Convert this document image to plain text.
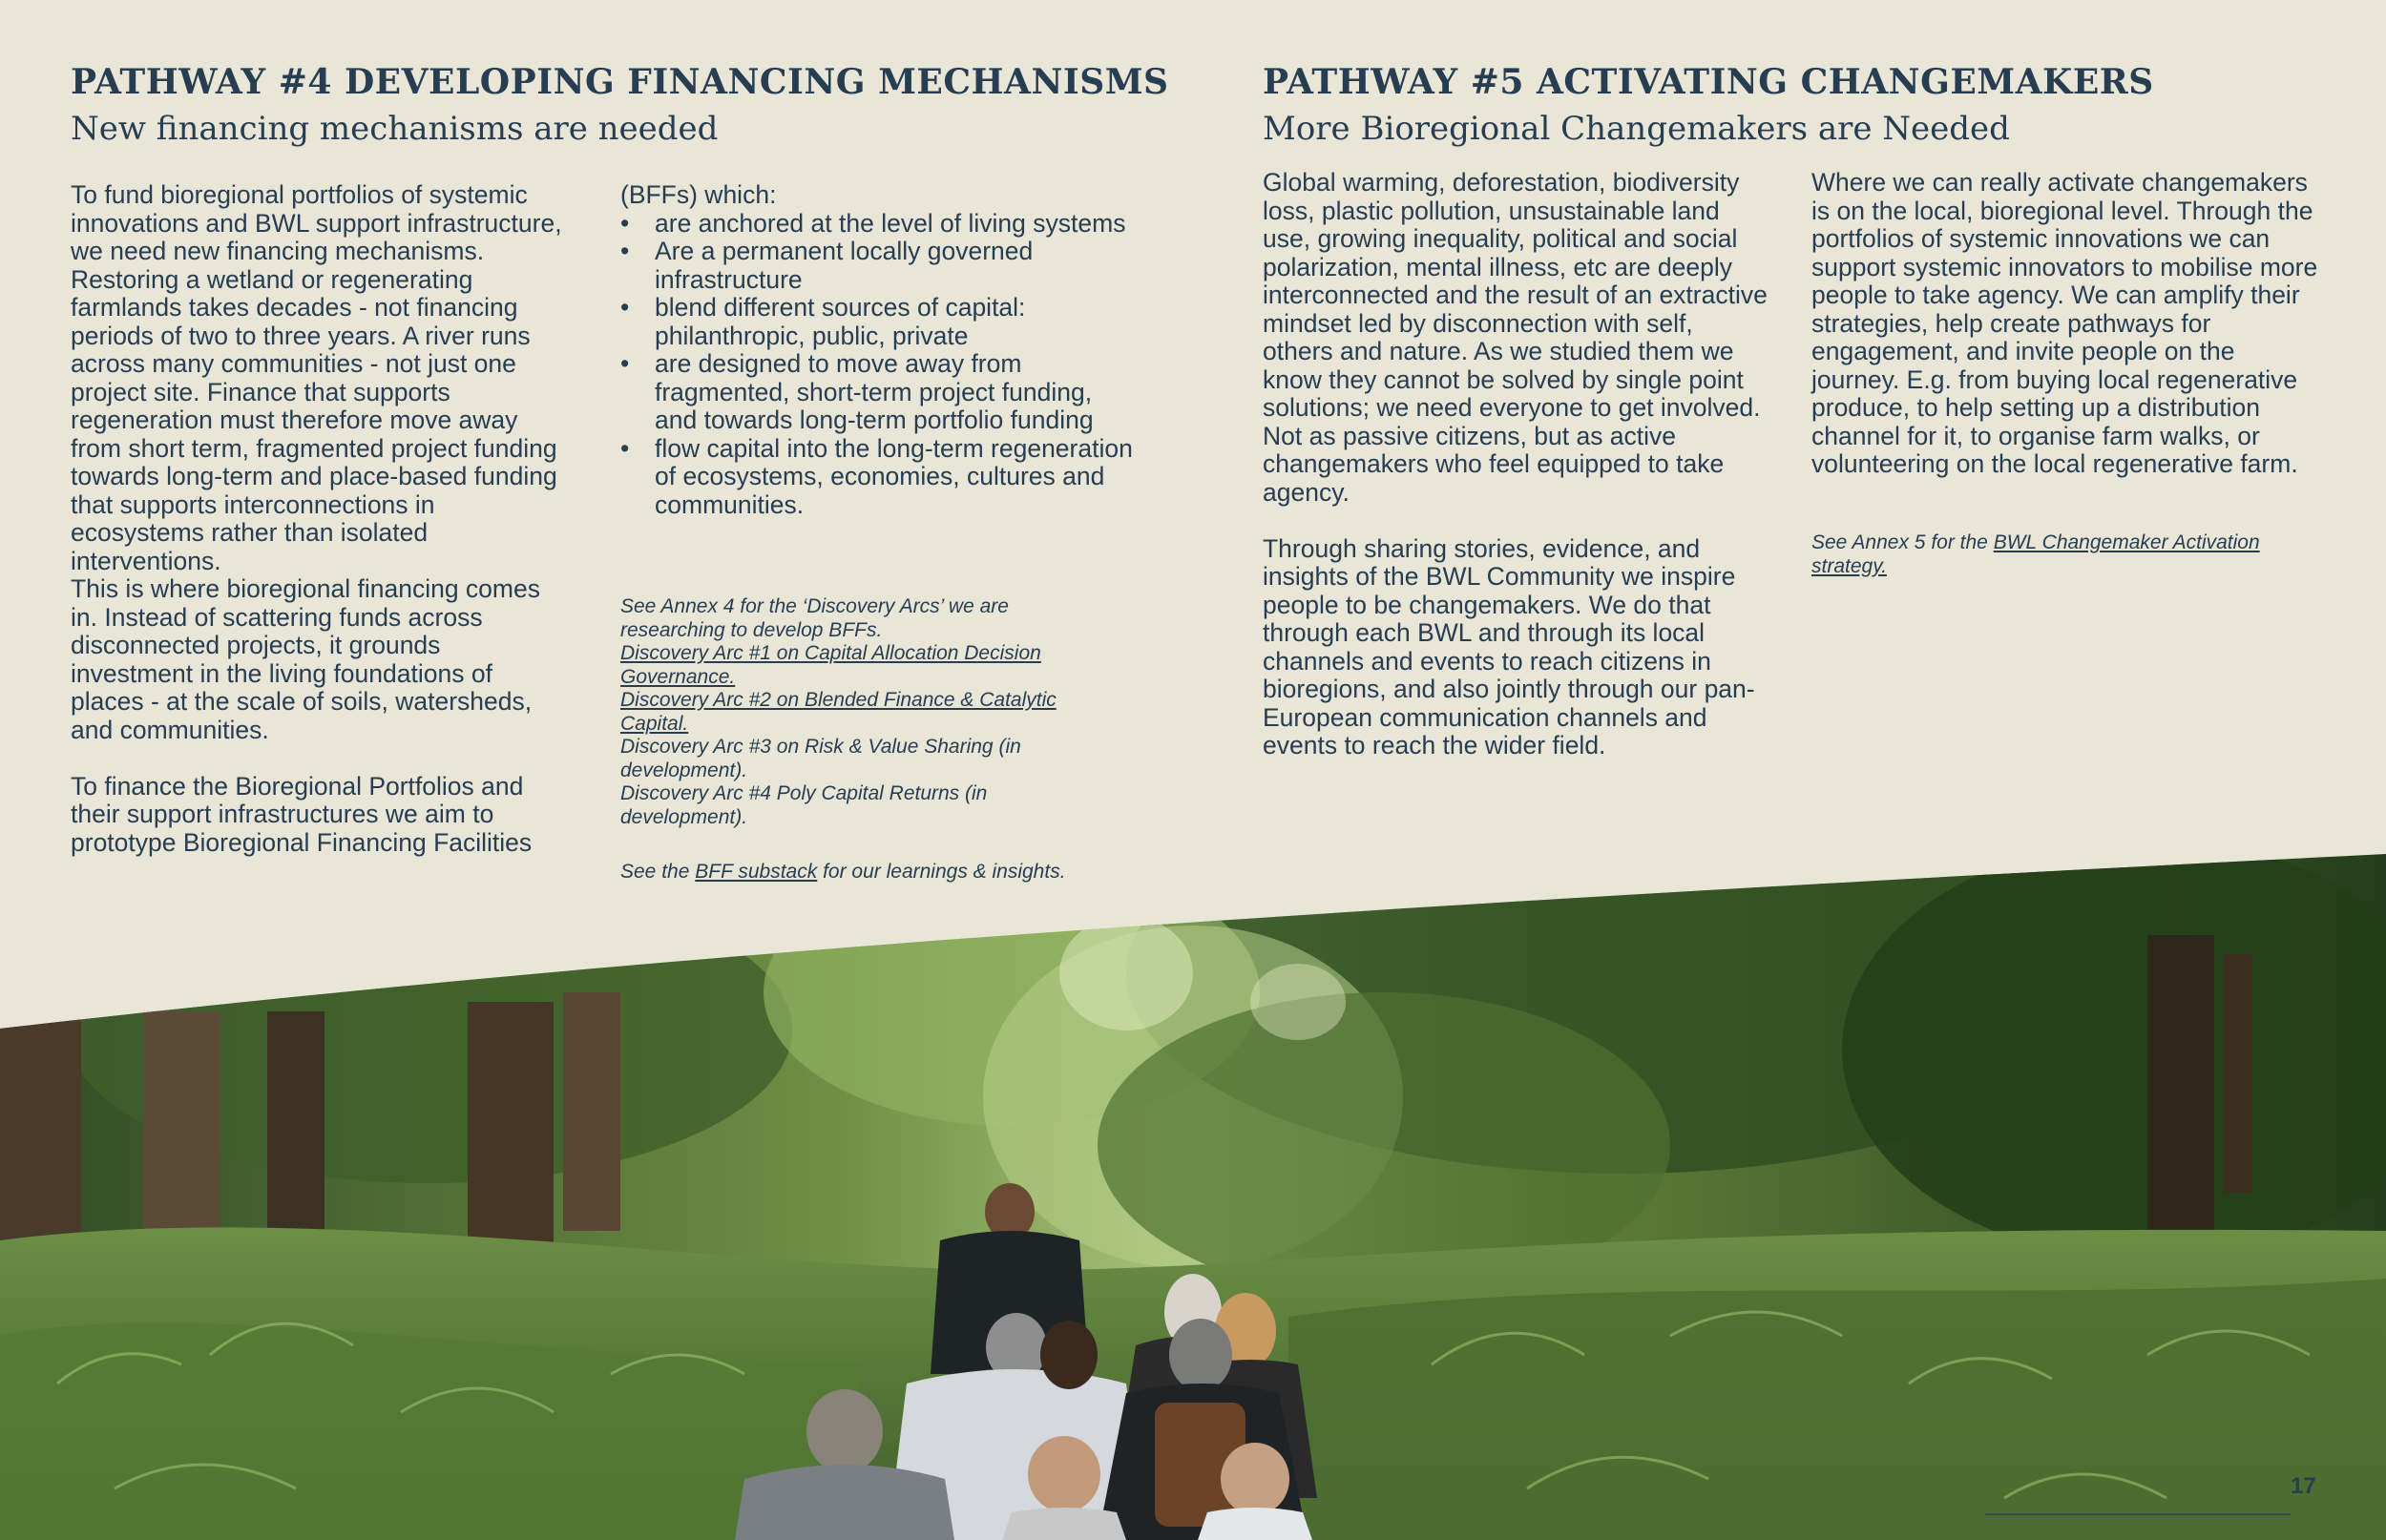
PATHWAY #4 DEVELOPING FINANCING MECHANISMS
New financing mechanisms are needed

To fund bioregional portfolios of systemic innovations and BWL support infrastructure, we need new financing mechanisms.

Restoring a wetland or regenerating farmlands takes decades - not financing periods of two to three years. A river runs across many communities - not just one project site. Finance that supports regeneration must therefore move away from short term, fragmented project funding towards long-term and place-based funding that supports interconnections in ecosystems rather than isolated interventions.

This is where bioregional financing comes in. Instead of scattering funds across disconnected projects, it grounds investment in the living foundations of places - at the scale of soils, watersheds, and communities.

To finance the Bioregional Portfolios and their support infrastructures we aim to prototype Bioregional Financing Facilities

(BFFs) which:

• are anchored at the level of living systems
• Are a permanent locally governed infrastructure
• blend different sources of capital: philanthropic, public, private
• are designed to move away from fragmented, short-term project funding, and towards long-term portfolio funding
• flow capital into the long-term regeneration of ecosystems, economies, cultures and communities.

See Annex 4 for the ‘Discovery Arcs’ we are researching to develop BFFs.

Discovery Arc #1 on Capital Allocation Decision Governance.

Discovery Arc #2 on Blended Finance & Catalytic Capital.

Discovery Arc #3 on Risk & Value Sharing (in development).

Discovery Arc #4 Poly Capital Returns (in development).

See the BFF substack for our learnings & insights.
PATHWAY #5 ACTIVATING CHANGEMAKERS
More Bioregional Changemakers are Needed

Global warming, deforestation, biodiversity loss, plastic pollution, unsustainable land use, growing inequality, political and social polarization, mental illness, etc are deeply interconnected and the result of an extractive mindset led by disconnection with self, others and nature. As we studied them we know they cannot be solved by single point solutions; we need everyone to get involved. Not as passive citizens, but as active changemakers who feel equipped to take agency.

Through sharing stories, evidence, and insights of the BWL Community we inspire people to be changemakers. We do that through each BWL and through its local channels and events to reach citizens in bioregions, and also jointly through our pan-European communication channels and events to reach the wider field.

Where we can really activate changemakers is on the local, bioregional level. Through the portfolios of systemic innovations we can support systemic innovators to mobilise more people to take agency. We can amplify their strategies, help create pathways for engagement, and invite people on the journey. E.g. from buying local regenerative produce, to help setting up a distribution channel for it, to organise farm walks, or volunteering on the local regenerative farm.

See Annex 5 for the BWL Changemaker Activation strategy.
17
